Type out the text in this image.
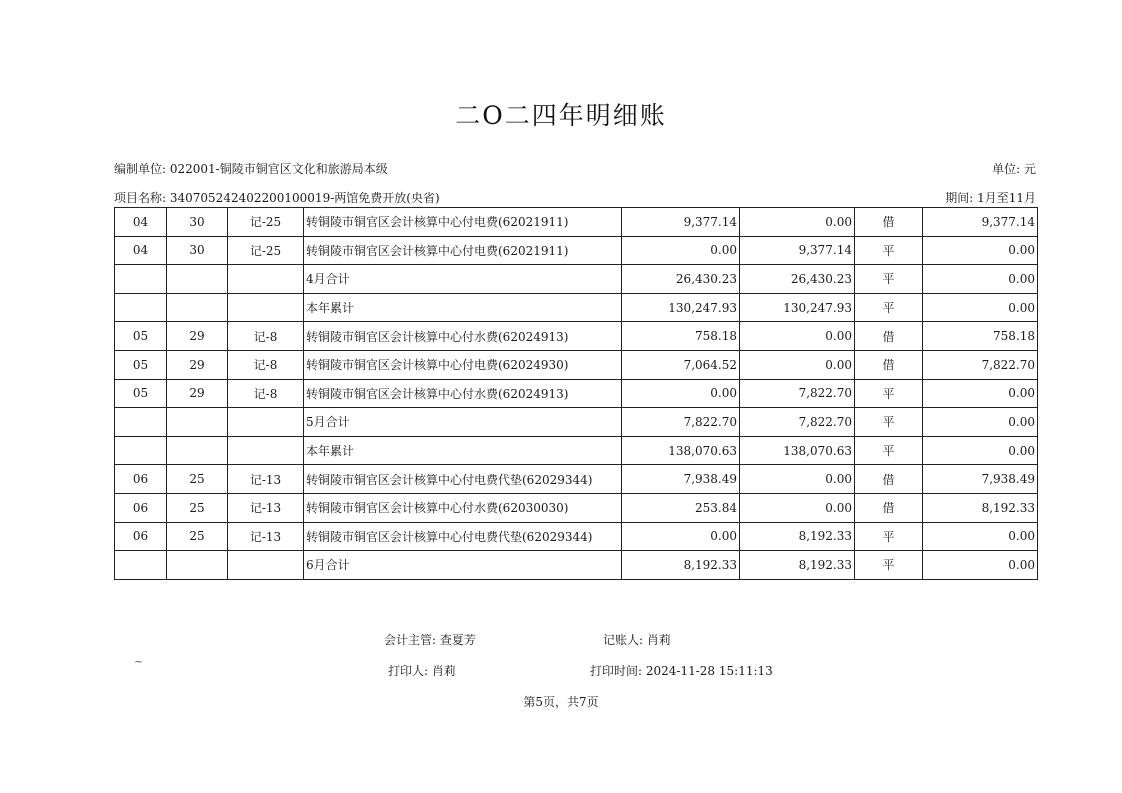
二O二四年明细账
编制单位: 022001-铜陵市铜官区文化和旅游局本级	单位: 元
项目名称: 34070524240220010​0019-两馆免费开放(央省)	期间: 1月至11月
04	30	记-25	转铜陵市铜官区会计核算中心付电费(62021911)	9,377.14	0.00	借	9,377.14
04	30	记-25	转铜陵市铜官区会计核算中心付电费(62021911)	0.00	9,377.14	平	0.00
			4月合计	26,430.23	26,430.23	平	0.00
			本年累计	130,247.93	130,247.93	平	0.00
05	29	记-8	转铜陵市铜官区会计核算中心付水费(62024913)	758.18	0.00	借	758.18
05	29	记-8	转铜陵市铜官区会计核算中心付电费(62024930)	7,064.52	0.00	借	7,822.70
05	29	记-8	转铜陵市铜官区会计核算中心付水费(62024913)	0.00	7,822.70	平	0.00
			5月合计	7,822.70	7,822.70	平	0.00
			本年累计	138,070.63	138,070.63	平	0.00
06	25	记-13	转铜陵市铜官区会计核算中心付电费代垫(62029344)	7,938.49	0.00	借	7,938.49
06	25	记-13	转铜陵市铜官区会计核算中心付水费(62030030)	253.84	0.00	借	8,192.33
06	25	记-13	转铜陵市铜官区会计核算中心付电费代垫(62029344)	0.00	8,192.33	平	0.00
			6月合计	8,192.33	8,192.33	平	0.00
~
会计主管: 查夏芳	记账人: 肖莉
打印人: 肖莉	打印时间: 2024-11-28 15:11:13
第5页，共7页
